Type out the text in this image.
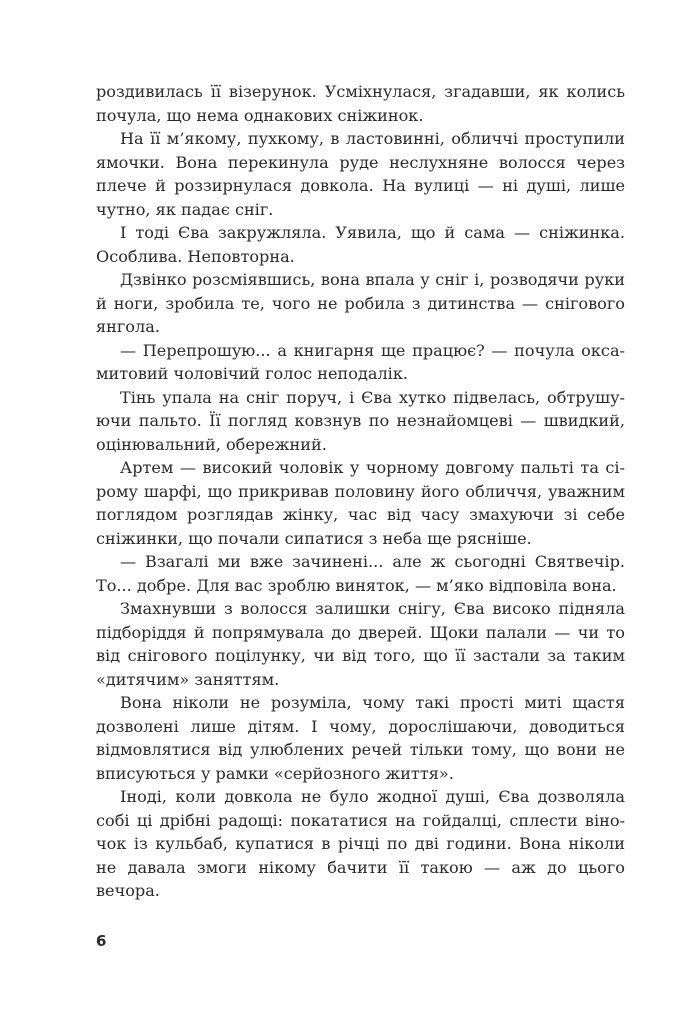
роздивилась її візерунок. Усміхнулася, згадавши, як колись почула, що нема однакових сніжинок.

На її м’якому, пухкому, в ластовинні, обличчі проступили ямочки. Вона перекинула руде неслухняне волосся через плече й роззирнулася довкола. На вулиці — ні душі, лише чутно, як падає сніг.

І тоді Єва закружляла. Уявила, що й сама — сніжинка. Особлива. Неповторна.

Дзвінко розсміявшись, вона впала у сніг і, розводячи руки й ноги, зробила те, чого не робила з дитинства — снігового янгола.

— Перепрошую... а книгарня ще працює? — почула оксамитовий чоловічий голос неподалік.

Тінь упала на сніг поруч, і Єва хутко підвелась, обтрушуючи пальто. Її погляд ковзнув по незнайомцеві — швидкий, оцінювальний, обережний.

Артем — високий чоловік у чорному довгому пальті та сірому шарфі, що прикривав половину його обличчя, уважним поглядом розглядав жінку, час від часу змахуючи зі себе сніжинки, що почали сипатися з неба ще рясніше.

— Взагалі ми вже зачинені... але ж сьогодні Святвечір. То... добре. Для вас зроблю виняток, — м’яко відповіла вона.

Змахнувши з волосся залишки снігу, Єва високо підняла підборіддя й попрямувала до дверей. Щоки палали — чи то від снігового поцілунку, чи від того, що її застали за таким «дитячим» заняттям.

Вона ніколи не розуміла, чому такі прості миті щастя дозволені лише дітям. І чому, дорослішаючи, доводиться відмовлятися від улюблених речей тільки тому, що вони не вписуються у рамки «серйозного життя».

Іноді, коли довкола не було жодної душі, Єва дозволяла собі ці дрібні радощі: покататися на гойдалці, сплести віночок із кульбаб, купатися в річці по дві години. Вона ніколи не давала змоги нікому бачити її такою — аж до цього вечора.

6
